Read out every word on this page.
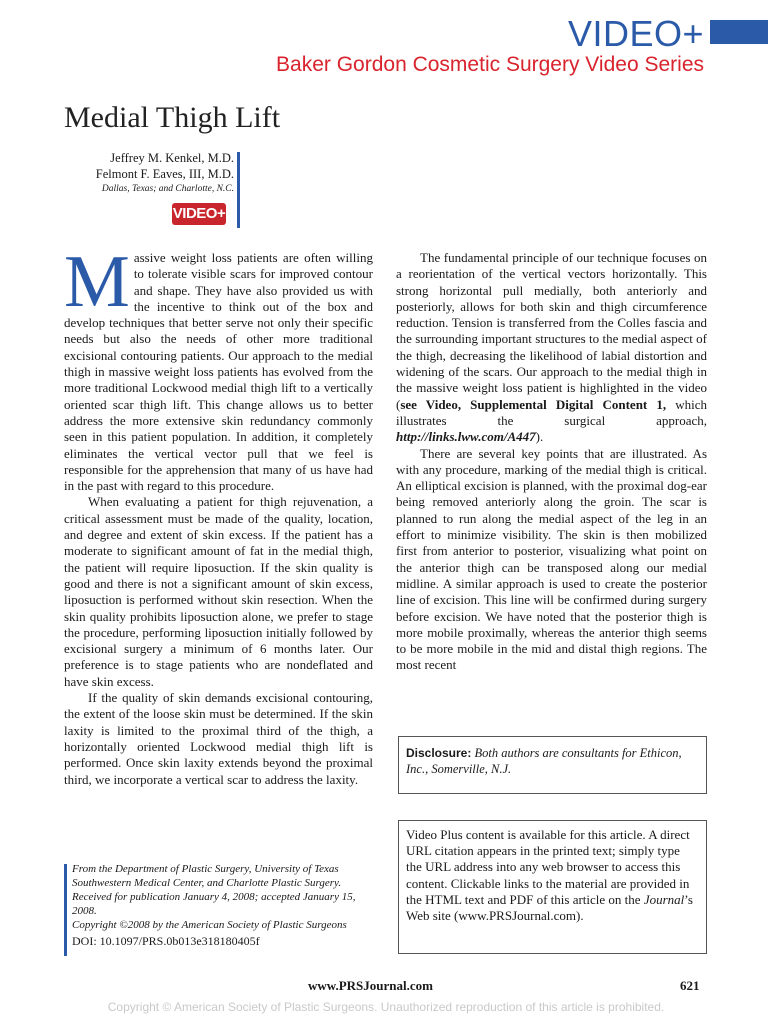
VIDEO+
Baker Gordon Cosmetic Surgery Video Series
Medial Thigh Lift
Jeffrey M. Kenkel, M.D.
Felmont F. Eaves, III, M.D.
Dallas, Texas; and Charlotte, N.C.
VIDEO+

Massive weight loss patients are often willing to tolerate visible scars for improved contour and shape. They have also provided us with the incentive to think out of the box and develop techniques that better serve not only their specific needs but also the needs of other more traditional excisional contouring patients. Our approach to the medial thigh in massive weight loss patients has evolved from the more traditional Lockwood medial thigh lift to a vertically oriented scar thigh lift. This change allows us to better address the more extensive skin redundancy commonly seen in this patient population. In addition, it completely eliminates the vertical vector pull that we feel is responsible for the apprehension that many of us have had in the past with regard to this procedure.

When evaluating a patient for thigh rejuvenation, a critical assessment must be made of the quality, location, and degree and extent of skin excess. If the patient has a moderate to significant amount of fat in the medial thigh, the patient will require liposuction. If the skin quality is good and there is not a significant amount of skin excess, liposuction is performed without skin resection. When the skin quality prohibits liposuction alone, we prefer to stage the procedure, performing liposuction initially followed by excisional surgery a minimum of 6 months later. Our preference is to stage patients who are nondeflated and have skin excess.

If the quality of skin demands excisional contouring, the extent of the loose skin must be determined. If the skin laxity is limited to the proximal third of the thigh, a horizontally oriented Lockwood medial thigh lift is performed. Once skin laxity extends beyond the proximal third, we incorporate a vertical scar to address the laxity.

The fundamental principle of our technique focuses on a reorientation of the vertical vectors horizontally. This strong horizontal pull medially, both anteriorly and posteriorly, allows for both skin and thigh circumference reduction. Tension is transferred from the Colles fascia and the surrounding important structures to the medial aspect of the thigh, decreasing the likelihood of labial distortion and widening of the scars. Our approach to the medial thigh in the massive weight loss patient is highlighted in the video (see Video, Supplemental Digital Content 1, which illustrates the surgical approach, http://links.lww.com/A447).

There are several key points that are illustrated. As with any procedure, marking of the medial thigh is critical. An elliptical excision is planned, with the proximal dog-ear being removed anteriorly along the groin. The scar is planned to run along the medial aspect of the leg in an effort to minimize visibility. The skin is then mobilized first from anterior to posterior, visualizing what point on the anterior thigh can be transposed along our medial midline. A similar approach is used to create the posterior line of excision. This line will be confirmed during surgery before excision. We have noted that the posterior thigh is more mobile proximally, whereas the anterior thigh seems to be more mobile in the mid and distal thigh regions. The most recent

From the Department of Plastic Surgery, University of Texas Southwestern Medical Center, and Charlotte Plastic Surgery.
Received for publication January 4, 2008; accepted January 15, 2008.
Copyright ©2008 by the American Society of Plastic Surgeons
DOI: 10.1097/PRS.0b013e318180405f
Disclosure: Both authors are consultants for Ethicon, Inc., Somerville, N.J.
Video Plus content is available for this article. A direct URL citation appears in the printed text; simply type the URL address into any web browser to access this content. Clickable links to the material are provided in the HTML text and PDF of this article on the Journal’s Web site (www.PRSJournal.com).
www.PRSJournal.com	621
Copyright © American Society of Plastic Surgeons. Unauthorized reproduction of this article is prohibited.
